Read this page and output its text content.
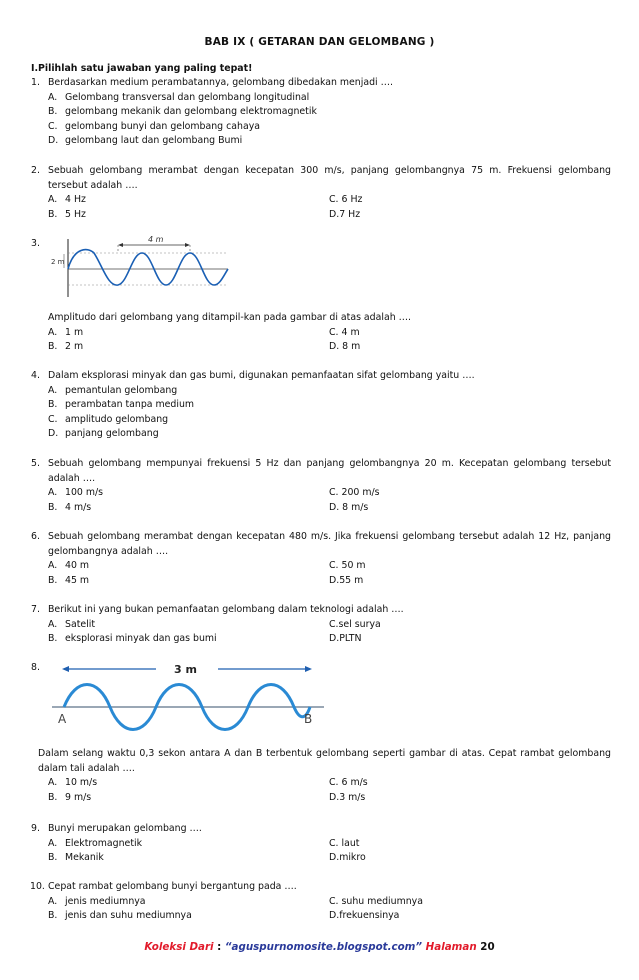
BAB IX ( GETARAN DAN GELOMBANG )
I.Pilihlah satu jawaban yang paling tepat!
1. Berdasarkan medium perambatannya, gelombang dibedakan menjadi ….
A. Gelombang transversal dan gelombang longitudinal
B. gelombang mekanik dan gelombang elektromagnetik
C. gelombang bunyi dan gelombang cahaya
D. gelombang laut dan gelombang Bumi
2. Sebuah gelombang merambat dengan kecepatan 300 m/s, panjang gelombangnya 75 m. Frekuensi gelombang tersebut adalah ….
A. 4 Hz	C. 6 Hz
B. 5 Hz	D.7 Hz
3.	4 m
2 m
Amplitudo dari gelombang yang ditampil-kan pada gambar di atas adalah ….
A. 1 m	C. 4 m
B. 2 m	D. 8 m
4. Dalam eksplorasi minyak dan gas bumi, digunakan pemanfaatan sifat gelombang yaitu ….
A. pemantulan gelombang
B. perambatan tanpa medium
C. amplitudo gelombang
D. panjang gelombang
5. Sebuah gelombang mempunyai frekuensi 5 Hz dan panjang gelombangnya 20 m. Kecepatan gelombang tersebut adalah ….
A. 100 m/s	C. 200 m/s
B. 4 m/s	D. 8 m/s
6. Sebuah gelombang merambat dengan kecepatan 480 m/s. Jika frekuensi gelombang tersebut adalah 12 Hz, panjang gelombangnya adalah ….
A. 40 m	C. 50 m
B. 45 m	D.55 m
7. Berikut ini yang bukan pemanfaatan gelombang dalam teknologi adalah ….
A. Satelit	C.sel surya
B. eksplorasi minyak dan gas bumi	D.PLTN
8.	3 m
A	B
Dalam selang waktu 0,3 sekon antara A dan B terbentuk gelombang seperti gambar di atas. Cepat rambat gelombang dalam tali adalah ….
A. 10 m/s	C. 6 m/s
B. 9 m/s	D.3 m/s
9. Bunyi merupakan gelombang ….
A. Elektromagnetik	C. laut
B. Mekanik	D.mikro
10. Cepat rambat gelombang bunyi bergantung pada ….
A. jenis mediumnya	C. suhu mediumnya
B. jenis dan suhu mediumnya	D.frekuensinya
Koleksi Dari : “aguspurnomosite.blogspot.com” Halaman 20
